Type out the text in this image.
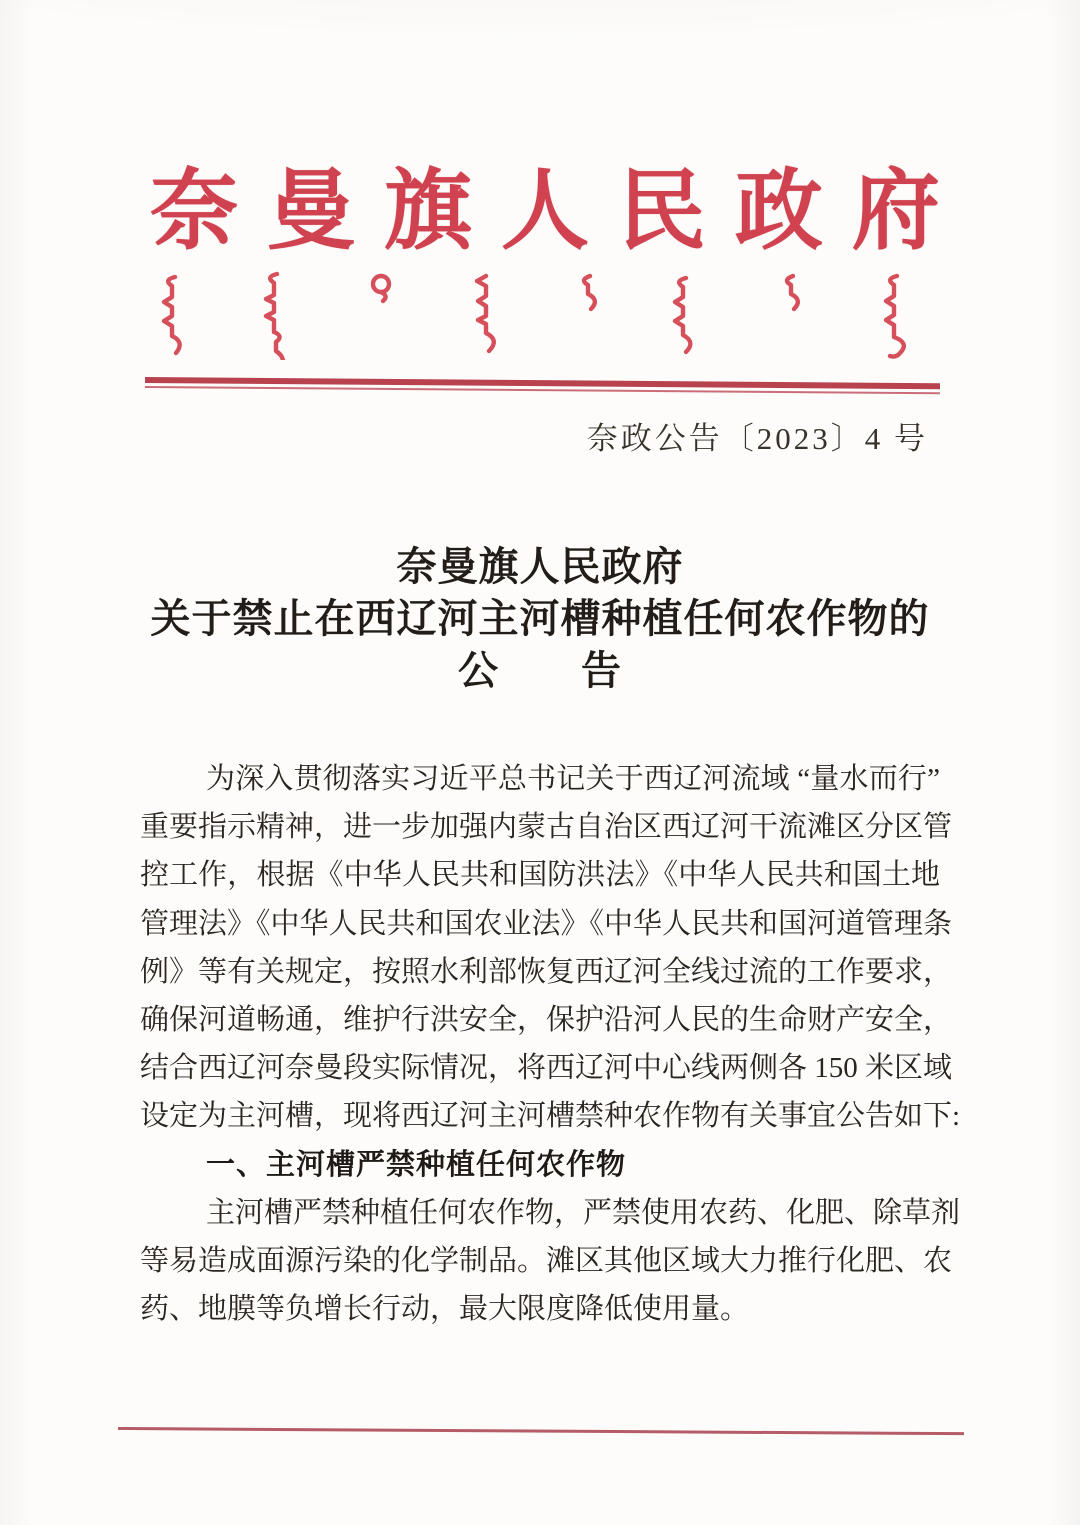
奈 曼 旗 人 民 政 府
奈政公告〔2023〕4 号
奈曼旗人民政府
关于禁止在西辽河主河槽种植任何农作物的
公　　告
为深入贯彻落实习近平总书记关于西辽河流域 “量水而行”
重要指示精神，进一步加强内蒙古自治区西辽河干流滩区分区管
控工作，根据《中华人民共和国防洪法》《中华人民共和国土地
管理法》《中华人民共和国农业法》《中华人民共和国河道管理条
例》等有关规定，按照水利部恢复西辽河全线过流的工作要求，
确保河道畅通，维护行洪安全，保护沿河人民的生命财产安全，
结合西辽河奈曼段实际情况，将西辽河中心线两侧各 150 米区域
设定为主河槽，现将西辽河主河槽禁种农作物有关事宜公告如下:
一、主河槽严禁种植任何农作物
主河槽严禁种植任何农作物，严禁使用农药、化肥、除草剂
等易造成面源污染的化学制品。滩区其他区域大力推行化肥、农
药、地膜等负增长行动，最大限度降低使用量。
